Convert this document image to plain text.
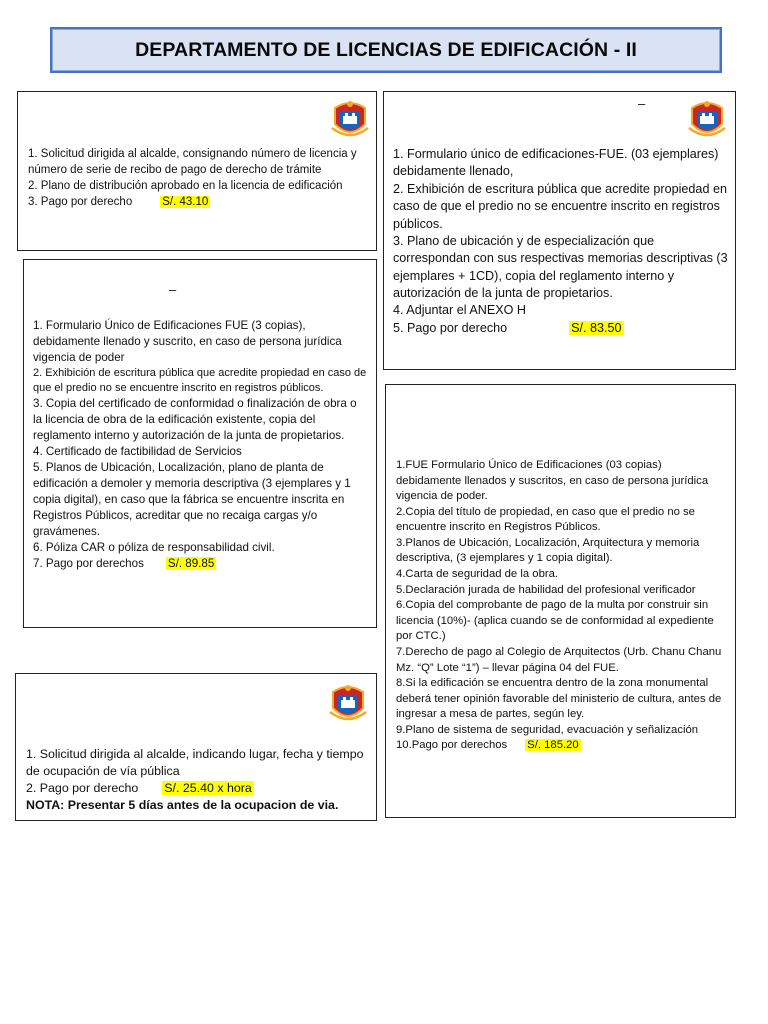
DEPARTAMENTO DE LICENCIAS DE EDIFICACIÓN - II

1. Solicitud dirigida al alcalde, consignando número de licencia y número de serie de recibo de pago de derecho de trámite

2. Plano de distribución aprobado en la licencia de edificación

3. Pago por derecho	S/. 43.10

–

1. Formulario único de edificaciones-FUE. (03 ejemplares) debidamente llenado,

2. Exhibición de escritura pública que acredite propiedad en caso de que el predio no se encuentre inscrito en registros públicos.

3. Plano de ubicación y de especialización que correspondan con sus respectivas memorias descriptivas (3 ejemplares + 1CD), copia del reglamento interno y autorización de la junta de propietarios.

4. Adjuntar el ANEXO H

5. Pago por derecho	S/. 83.50

–

1. Formulario Único de Edificaciones FUE (3 copias), debidamente llenado y suscrito, en caso de persona jurídica vigencia de poder

2. Exhibición de escritura pública que acredite propiedad en caso de que el predio no se encuentre inscrito en registros públicos.

3. Copia del certificado de conformidad o finalización de obra o la licencia de obra de la edificación existente, copia del reglamento interno y autorización de la junta de propietarios.

4. Certificado de factibilidad de Servicios

5. Planos de Ubicación, Localización, plano de planta de edificación a demoler y memoria descriptiva (3 ejemplares y 1 copia digital), en caso que la fábrica se encuentre inscrita en Registros Públicos, acreditar que no recaiga cargas y/o gravámenes.

6. Póliza CAR o póliza de responsabilidad civil.

7. Pago por derechos S/. 89.85

1.FUE Formulario Único de Edificaciones (03 copias) debidamente llenados y suscritos, en caso de persona jurídica vigencia de poder.

2.Copia del título de propiedad, en caso que el predio no se encuentre inscrito en Registros Públicos.

3.Planos de Ubicación, Localización, Arquitectura y memoria descriptiva, (3 ejemplares y 1 copia digital).

4.Carta de seguridad de la obra.

5.Declaración jurada de habilidad del profesional verificador

6.Copia del comprobante de pago de la multa por construir sin licencia (10%)- (aplica cuando se de conformidad al expediente por CTC.)

7.Derecho de pago al Colegio de Arquitectos (Urb. Chanu Chanu Mz. “Q” Lote “1”) – llevar página 04 del FUE.

8.Si la edificación se encuentra dentro de la zona monumental deberá tener opinión favorable del ministerio de cultura, antes de ingresar a mesa de partes, según ley.

9.Plano de sistema de seguridad, evacuación y señalización

10.Pago por derechos S/. 185.20

1. Solicitud dirigida al alcalde, indicando lugar, fecha y tiempo de ocupación de vía pública

2. Pago por derecho S/. 25.40 x hora

NOTA: Presentar 5 días antes de la ocupacion de via.
